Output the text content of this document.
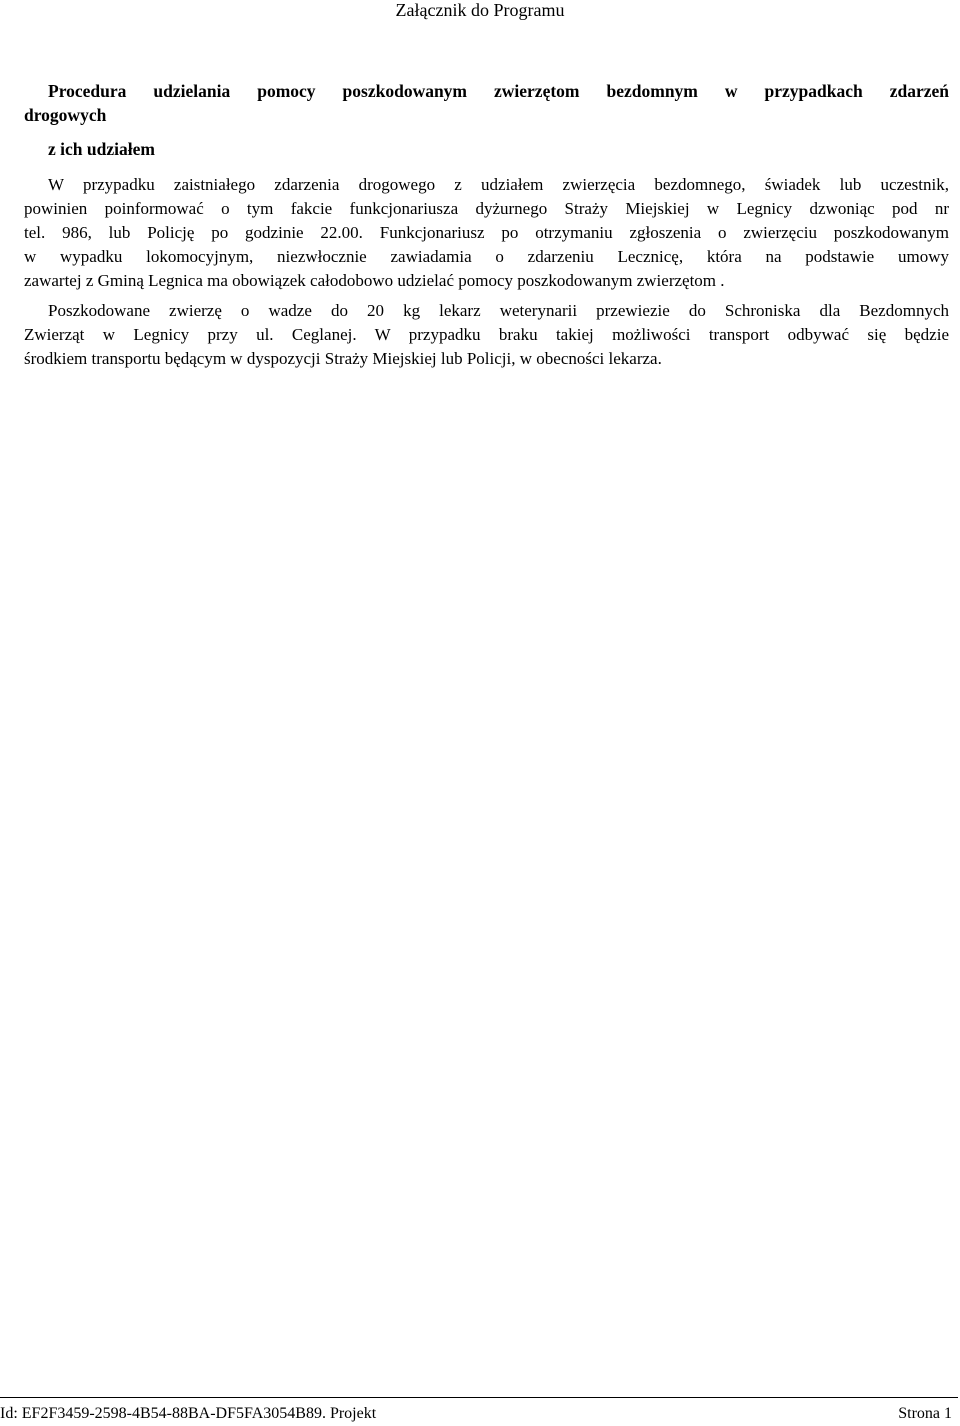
Załącznik do Programu
Procedura udzielania pomocy poszkodowanym zwierzętom bezdomnym w przypadkach zdarzeń
drogowych
z ich udziałem

W przypadku zaistniałego zdarzenia drogowego z udziałem zwierzęcia bezdomnego, świadek lub uczestnik,
powinien poinformować o tym fakcie funkcjonariusza dyżurnego Straży Miejskiej w Legnicy dzwoniąc pod nr
tel. 986, lub Policję po godzinie 22.00. Funkcjonariusz po otrzymaniu zgłoszenia o zwierzęciu poszkodowanym
w wypadku lokomocyjnym, niezwłocznie zawiadamia o zdarzeniu Lecznicę, która na podstawie umowy
zawartej z Gminą Legnica ma obowiązek całodobowo udzielać pomocy poszkodowanym zwierzętom .

Poszkodowane zwierzę o wadze do 20 kg lekarz weterynarii przewiezie do Schroniska dla Bezdomnych
Zwierząt w Legnicy przy ul. Ceglanej. W przypadku braku takiej możliwości transport odbywać się będzie
środkiem transportu będącym w dyspozycji Straży Miejskiej lub Policji, w obecności lekarza.

Id: EF2F3459-2598-4B54-88BA-DF5FA3054B89. Projekt	Strona 1
